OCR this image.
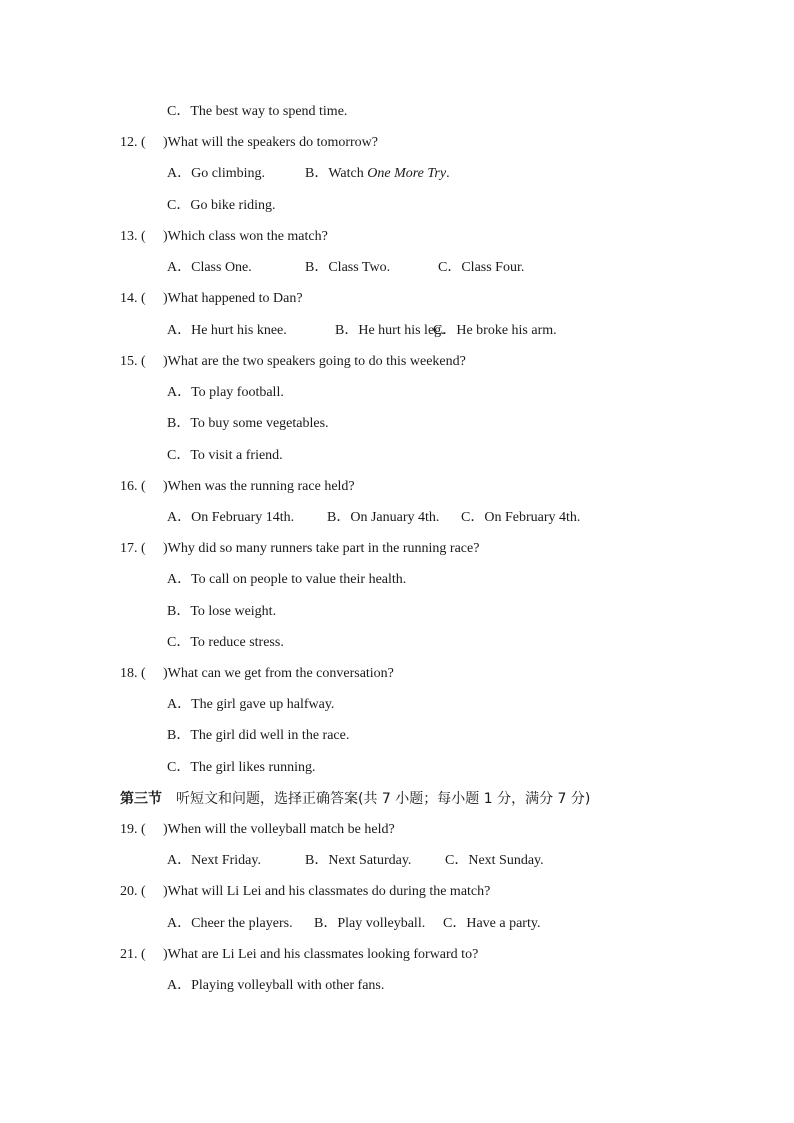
C．The best way to spend time.
12. ( )What will the speakers do tomorrow?
A．Go climbing.	B．Watch One More Try.
C．Go bike riding.
13. ( )Which class won the match?
A．Class One.	B．Class Two.	C．Class Four.
14. ( )What happened to Dan?
A．He hurt his knee.	B．He hurt his leg.
C．He broke his arm.
15. ( )What are the two speakers going to do this weekend?
A．To play football.
B．To buy some vegetables.
C．To visit a friend.
16. ( )When was the running race held?
A．On February 14th. B．On January 4th. C．On February 4th.
17. ( )Why did so many runners take part in the running race?
A．To call on people to value their health.
B．To lose weight.
C．To reduce stress.
18. ( )What can we get from the conversation?
A．The girl gave up halfway.
B．The girl did well in the race.
C．The girl likes running.
第三节 听短文和问题，选择正确答案(共 7 小题；每小题 1 分，满分 7 分)
19. ( )When will the volleyball match be held?
A．Next Friday.	B．Next Saturday. C．Next Sunday.
20. ( )What will Li Lei and his classmates do during the match?
A．Cheer the players. B．Play volleyball. C．Have a party.
21. ( )What are Li Lei and his classmates looking forward to?
A．Playing volleyball with other fans.
